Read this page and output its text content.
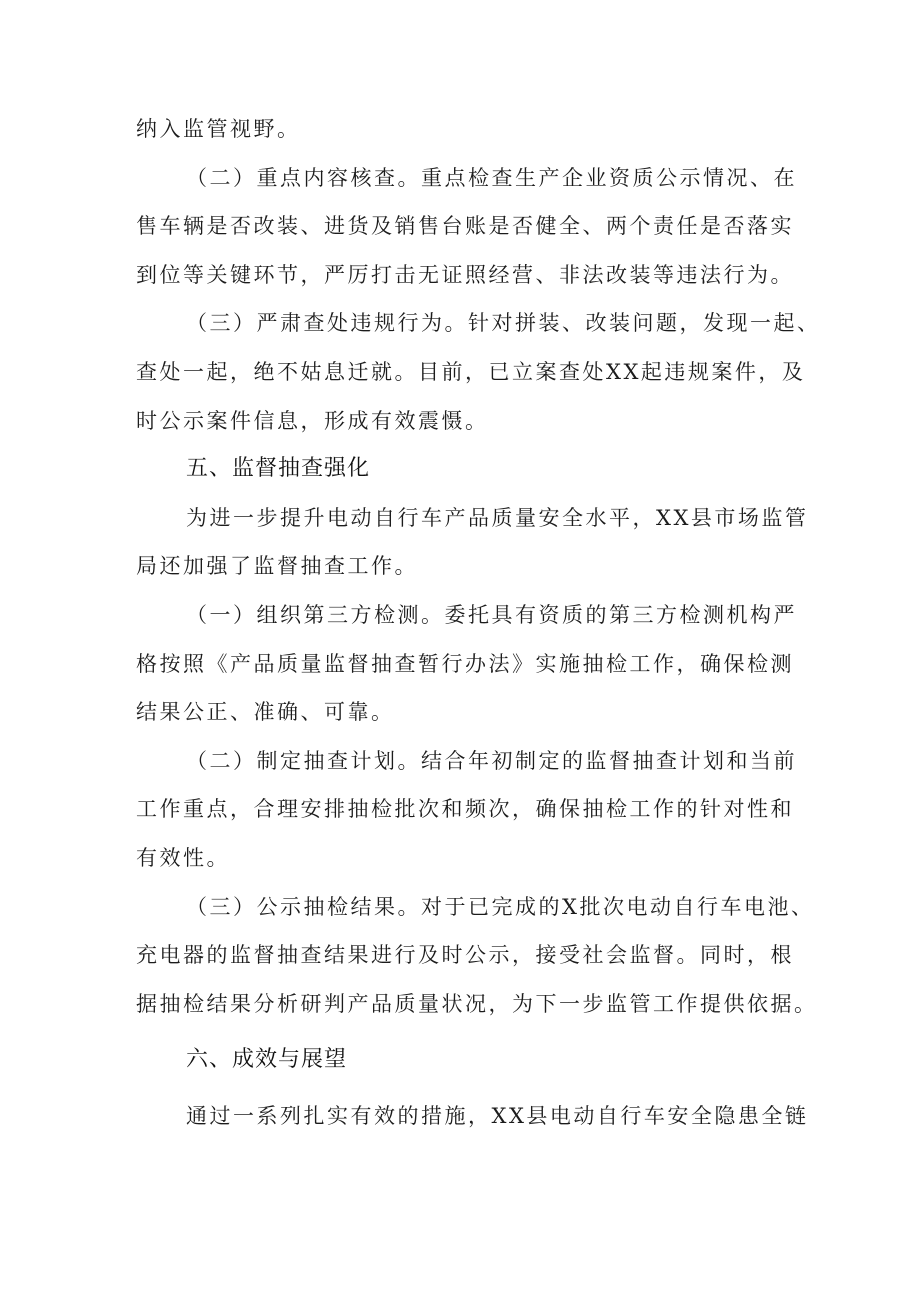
纳入监管视野。
（二）重点内容核查。重点检查生产企业资质公示情况、在
售车辆是否改装、进货及销售台账是否健全、两个责任是否落实
到位等关键环节，严厉打击无证照经营、非法改装等违法行为。
（三）严肃查处违规行为。针对拼装、改装问题，发现一起、
查处一起，绝不姑息迁就。目前，已立案查处XX起违规案件，及
时公示案件信息，形成有效震慑。
五、监督抽查强化
为进一步提升电动自行车产品质量安全水平，XX县市场监管
局还加强了监督抽查工作。
（一）组织第三方检测。委托具有资质的第三方检测机构严
格按照《产品质量监督抽查暂行办法》实施抽检工作，确保检测
结果公正、准确、可靠。
（二）制定抽查计划。结合年初制定的监督抽查计划和当前
工作重点，合理安排抽检批次和频次，确保抽检工作的针对性和
有效性。
（三）公示抽检结果。对于已完成的X批次电动自行车电池、
充电器的监督抽查结果进行及时公示，接受社会监督。同时，根
据抽检结果分析研判产品质量状况，为下一步监管工作提供依据。
六、成效与展望
通过一系列扎实有效的措施，XX县电动自行车安全隐患全链
